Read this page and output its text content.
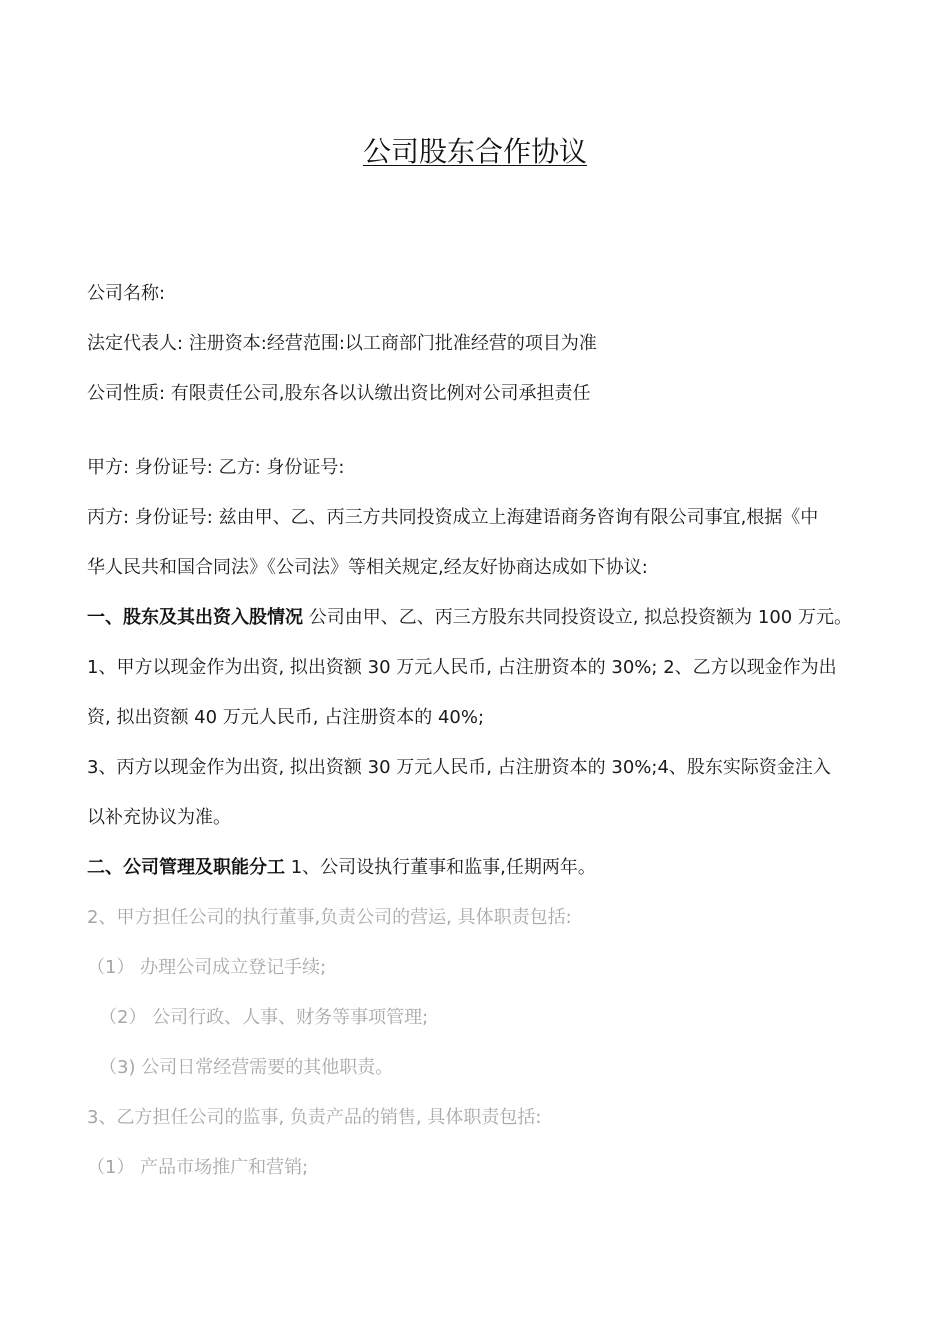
公司股东合作协议
公司名称:
法定代表人: 注册资本:经营范围:以工商部门批准经营的项目为准
公司性质: 有限责任公司,股东各以认缴出资比例对公司承担责任
甲方: 身份证号: 乙方: 身份证号:
丙方: 身份证号: 兹由甲、乙、丙三方共同投资成立上海建语商务咨询有限公司事宜,根据《中
华人民共和国合同法》《公司法》等相关规定,经友好协商达成如下协议:
一、股东及其出资入股情况 公司由甲、乙、丙三方股东共同投资设立, 拟总投资额为 100 万元。
1、甲方以现金作为出资, 拟出资额 30 万元人民币, 占注册资本的 30%; 2、乙方以现金作为出
资, 拟出资额 40 万元人民币, 占注册资本的 40%;
3、丙方以现金作为出资, 拟出资额 30 万元人民币, 占注册资本的 30%;4、股东实际资金注入
以补充协议为准。
二、公司管理及职能分工 1、公司设执行董事和监事,任期两年。
2、甲方担任公司的执行董事,负责公司的营运, 具体职责包括:
（1） 办理公司成立登记手续;
（2） 公司行政、人事、财务等事项管理;
（3) 公司日常经营需要的其他职责。
3、乙方担任公司的监事, 负责产品的销售, 具体职责包括:
（1） 产品市场推广和营销;
